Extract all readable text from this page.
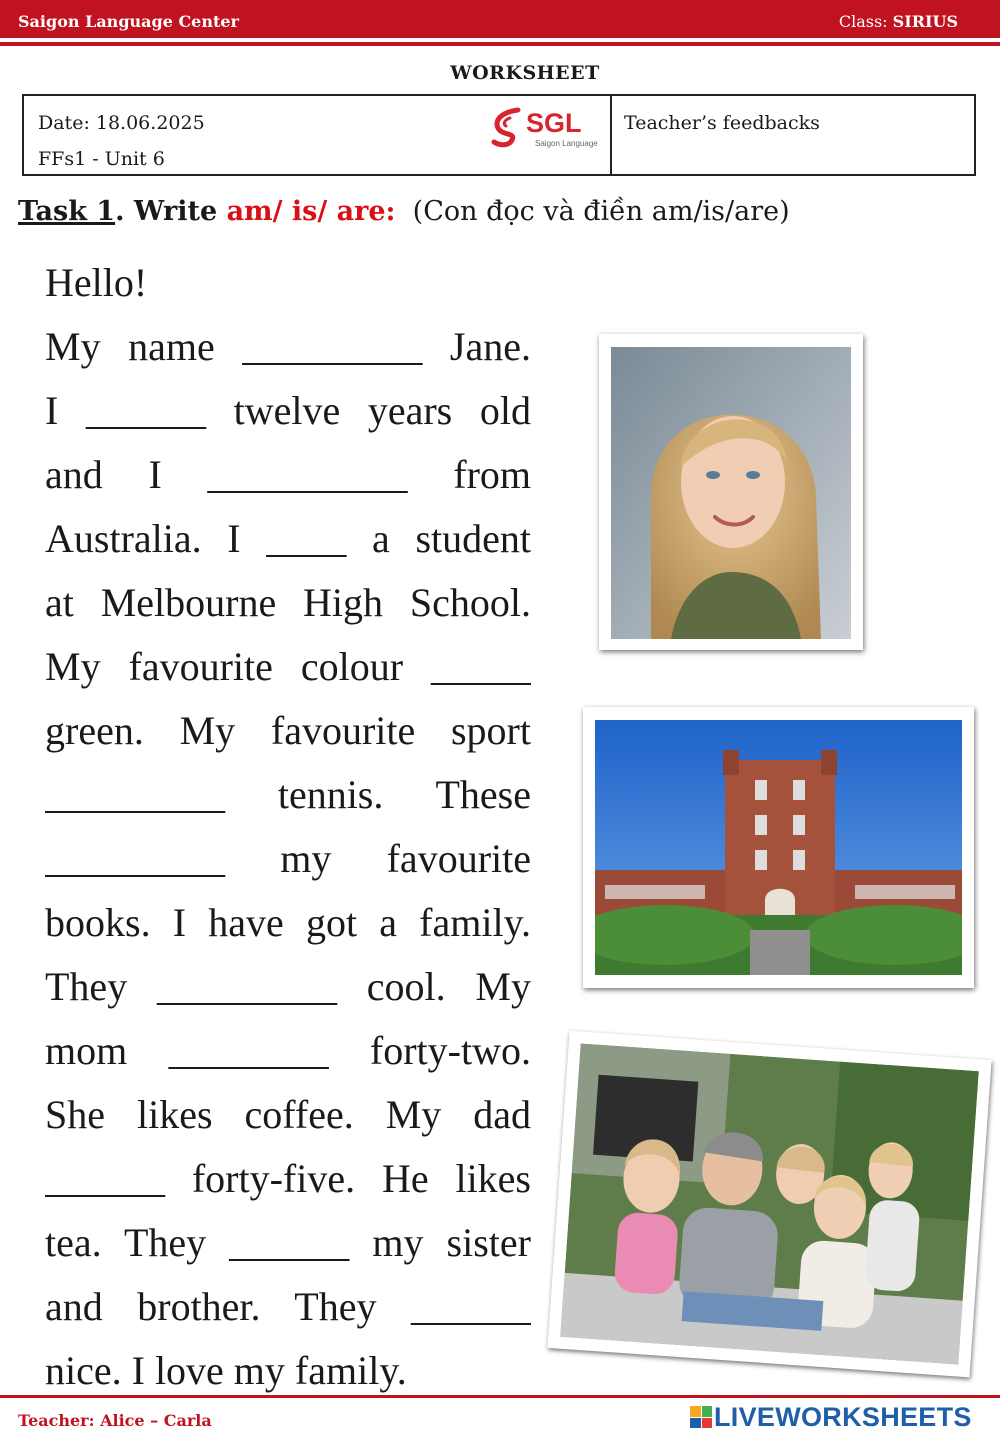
Saigon Language Center	Class: SIRIUS
WORKSHEET
Date: 18.06.2025
FFs1 - Unit 6
SGL
Saigon Language
Teacher’s feedbacks
Task 1. Write am/ is/ are: (Con đọc và điền am/is/are)
Hello!
My name _________ Jane.
I ______ twelve years old
and I __________ from
Australia. I ____ a student
at Melbourne High School.
My favourite colour _____
green. My favourite sport
_________ tennis. These
_________ my favourite
books. I have got a family.
They _________ cool. My
mom ________ forty-two.
She likes coffee. My dad
______ forty-five. He likes
tea. They ______ my sister
and brother. They ______
nice. I love my family.
Teacher: Alice – Carla	LIVEWORKSHEETS
